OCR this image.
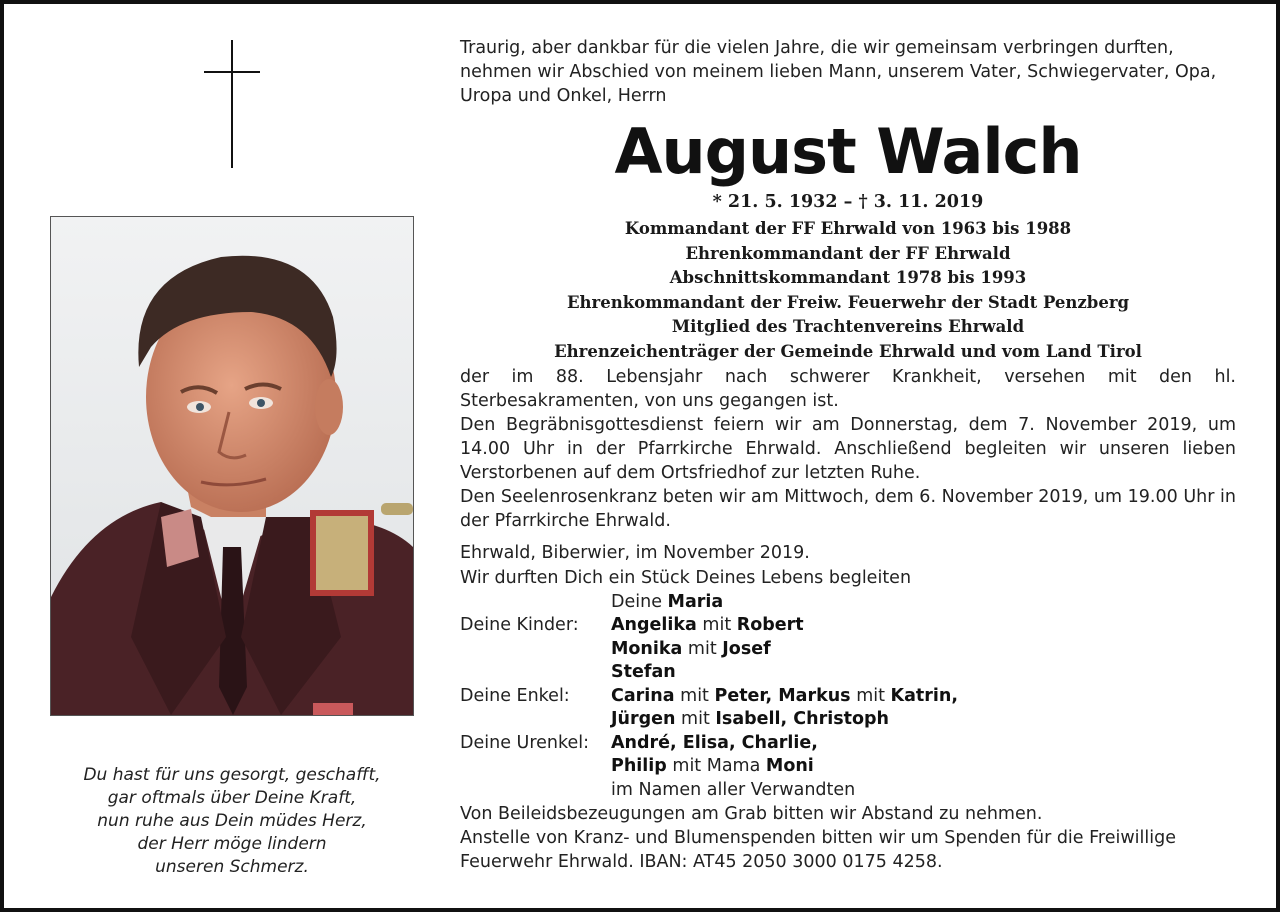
Du hast für uns gesorgt, geschafft,
gar oftmals über Deine Kraft,
nun ruhe aus Dein müdes Herz,
der Herr möge lindern
unseren Schmerz.
Traurig, aber dankbar für die vielen Jahre, die wir gemeinsam verbringen durften, nehmen wir Abschied von meinem lieben Mann, unserem Vater, Schwiegervater, Opa, Uropa und Onkel, Herrn
August Walch
* 21. 5. 1932 – † 3. 11. 2019
Kommandant der FF Ehrwald von 1963 bis 1988
Ehrenkommandant der FF Ehrwald
Abschnittskommandant 1978 bis 1993
Ehrenkommandant der Freiw. Feuerwehr der Stadt Penzberg
Mitglied des Trachtenvereins Ehrwald
Ehrenzeichenträger der Gemeinde Ehrwald und vom Land Tirol
der im 88. Lebensjahr nach schwerer Krankheit, versehen mit den hl. Sterbesakramenten, von uns gegangen ist.
Den Begräbnisgottesdienst feiern wir am Donnerstag, dem 7. November 2019, um 14.00 Uhr in der Pfarrkirche Ehrwald. Anschließend begleiten wir unseren lieben Verstorbenen auf dem Ortsfriedhof zur letzten Ruhe.
Den Seelenrosenkranz beten wir am Mittwoch, dem 6. November 2019, um 19.00 Uhr in der Pfarrkirche Ehrwald.
Ehrwald, Biberwier, im November 2019.
Wir durften Dich ein Stück Deines Lebens begleiten
Deine Maria
Deine Kinder:	Angelika mit Robert
Monika mit Josef
Stefan
Deine Enkel:	Carina mit Peter, Markus mit Katrin,
Jürgen mit Isabell, Christoph
Deine Urenkel:	André, Elisa, Charlie,
Philip mit Mama Moni
im Namen aller Verwandten
Von Beileidsbezeugungen am Grab bitten wir Abstand zu nehmen.
Anstelle von Kranz- und Blumenspenden bitten wir um Spenden für die Freiwillige Feuerwehr Ehrwald. IBAN: AT45 2050 3000 0175 4258.
